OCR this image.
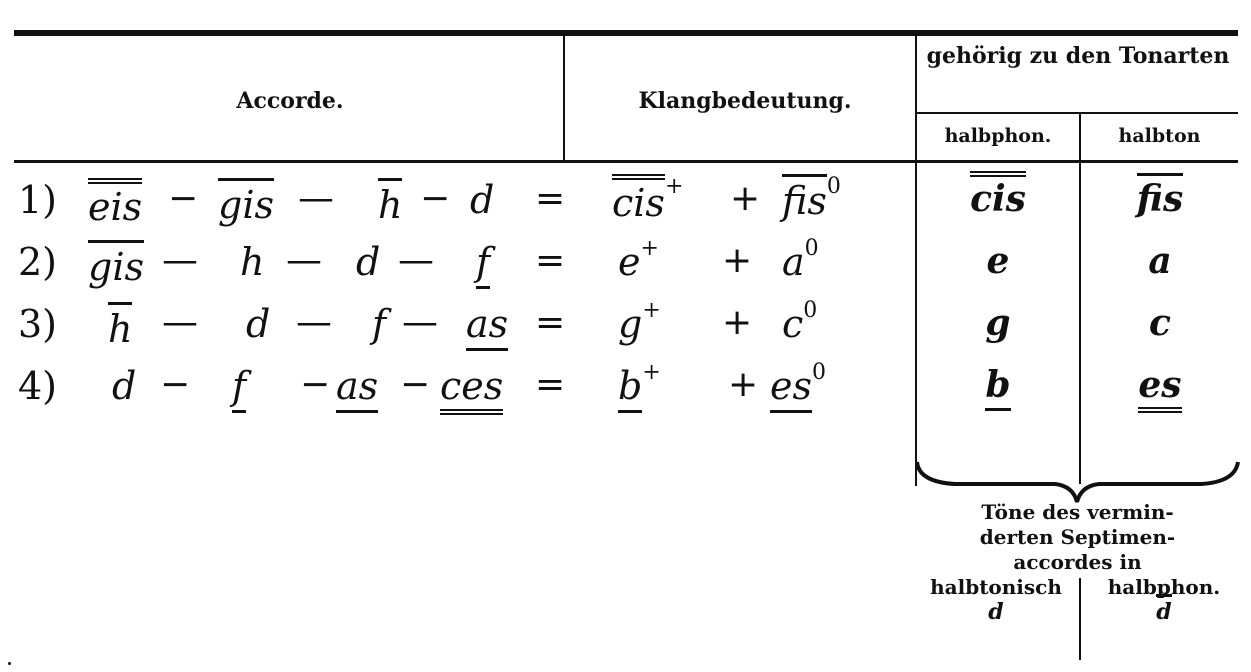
Accorde.	Klangbedeutung.
gehörig zu den Tonarten
halbphon.	halbton
1) eis − gis — h − d = cis+ + fis$^0$	cis	fis
2) gis — h — d — $f = e^+ + a^0$	e	a
3) h — d — f — as = $g^+ + c^0$	g	c
4) d − f − as − ces = $b^+ + es^0$	b	es
Töne des vermin-
derten Septimen-
accordes in
halbtonisch	halbphon.
d	d
